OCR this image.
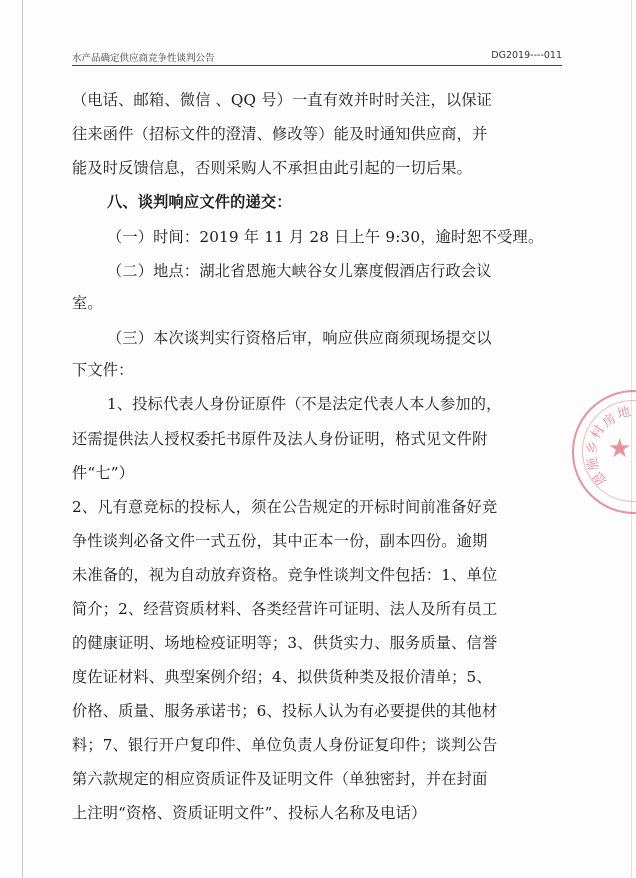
水产品确定供应商竞争性谈判公告	DG2019----011
（电话、邮箱、微信 、QQ 号）一直有效并时时关注，以保证
往来函件（招标文件的澄清、修改等）能及时通知供应商，并
能及时反馈信息，否则采购人不承担由此引起的一切后果。
八、谈判响应文件的递交：
（一）时间：2019 年 11 月 28 日上午 9:30，逾时恕不受理。
（二）地点：湖北省恩施大峡谷女儿寨度假酒店行政会议
室。
（三）本次谈判实行资格后审，响应供应商须现场提交以
下文件：
1、投标代表人身份证原件（不是法定代表人本人参加的，
还需提供法人授权委托书原件及法人身份证明，格式见文件附
件“七”）
2、凡有意竞标的投标人，须在公告规定的开标时间前准备好竞
争性谈判必备文件一式五份，其中正本一份，副本四份。逾期
未准备的，视为自动放弃资格。竞争性谈判文件包括：1、单位
简介；2、经营资质材料、各类经营许可证明、法人及所有员工
的健康证明、场地检疫证明等；3、供货实力、服务质量、信誉
度佐证材料、典型案例介绍；4、拟供货种类及报价清单；5、
价格、质量、服务承诺书；6、投标人认为有必要提供的其他材
料；7、银行开户复印件、单位负责人身份证复印件；谈判公告
第六款规定的相应资质证件及证明文件（单独密封，并在封面
上注明“资格、资质证明文件”、投标人名称及电话）
★
恩
施
乡
村
房
地
